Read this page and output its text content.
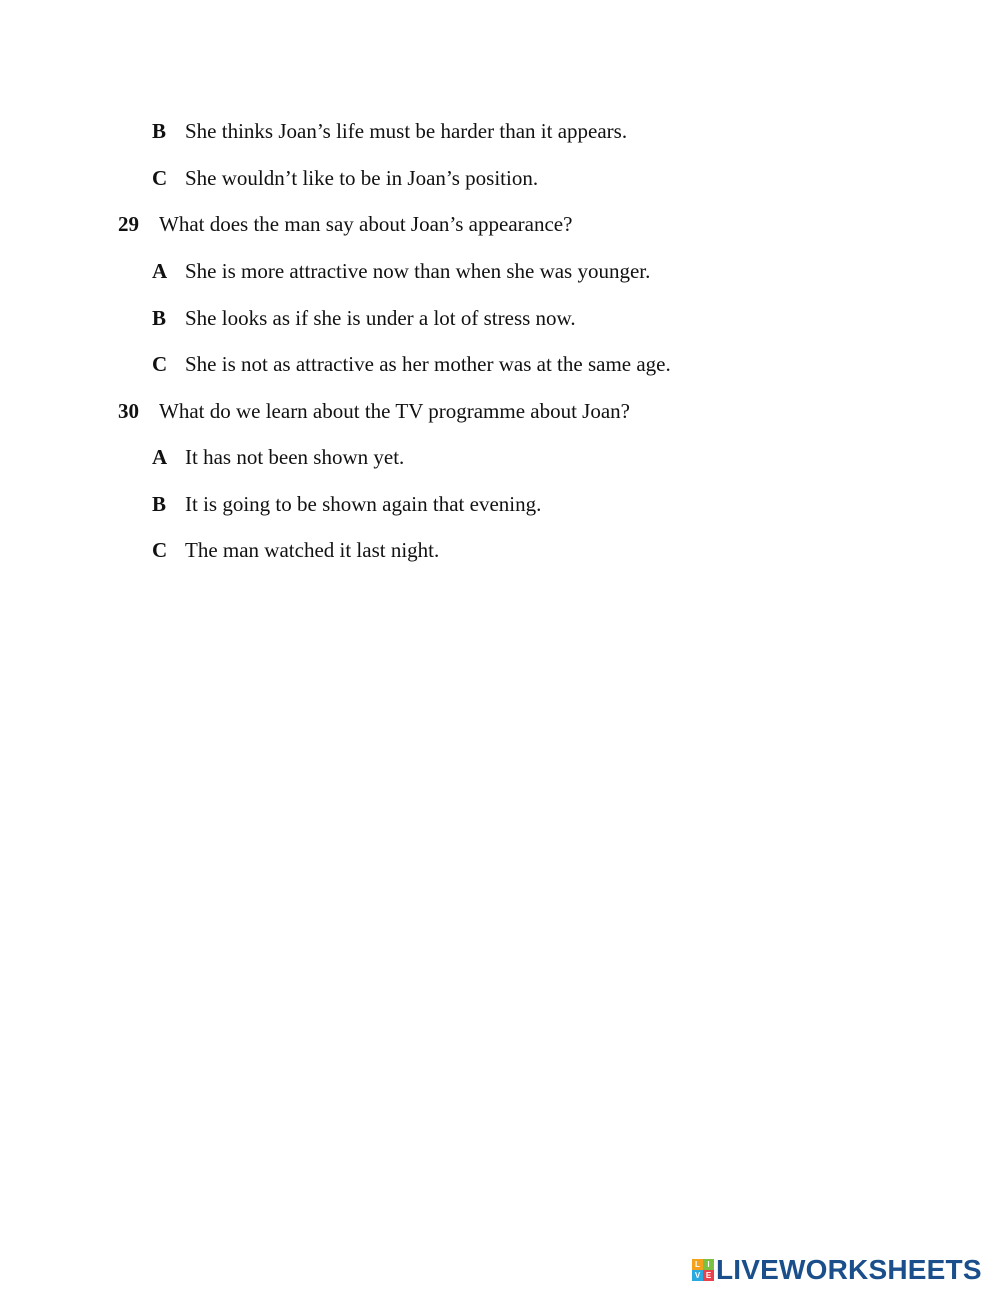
B She thinks Joan’s life must be harder than it appears.
C She wouldn’t like to be in Joan’s position.
29 What does the man say about Joan’s appearance?
A She is more attractive now than when she was younger.
B She looks as if she is under a lot of stress now.
C She is not as attractive as her mother was at the same age.
30 What do we learn about the TV programme about Joan?
A It has not been shown yet.
B It is going to be shown again that evening.
C The man watched it last night.
L I
V E LIVEWORKSHEETS
